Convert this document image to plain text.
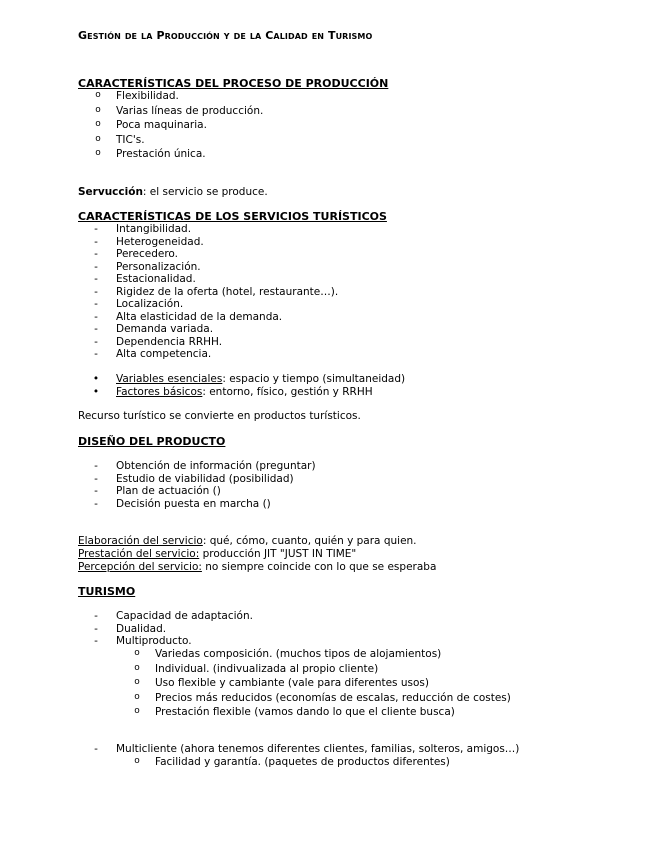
Gestión de la Producción y de la Calidad en Turismo
CARACTERÍSTICAS DEL PROCESO DE PRODUCCIÓN
o	Flexibilidad.
o	Varias líneas de producción.
o	Poca maquinaria.
o	TIC's.
o	Prestación única.
Servucción: el servicio se produce.
CARACTERÍSTICAS DE LOS SERVICIOS TURÍSTICOS
-	Intangibilidad.
-	Heterogeneidad.
-	Perecedero.
-	Personalización.
-	Estacionalidad.
-	Rigidez de la oferta (hotel, restaurante…).
-	Localización.
-	Alta elasticidad de la demanda.
-	Demanda variada.
-	Dependencia RRHH.
-	Alta competencia.
•	Variables esenciales: espacio y tiempo (simultaneidad)
•	Factores básicos: entorno, físico, gestión y RRHH
Recurso turístico se convierte en productos turísticos.
DISEÑO DEL PRODUCTO
-	Obtención de información (preguntar)
-	Estudio de viabilidad (posibilidad)
-	Plan de actuación ()
-	Decisión puesta en marcha ()
Elaboración del servicio: qué, cómo, cuanto, quién y para quien.
Prestación del servicio: producción JIT "JUST IN TIME"
Percepción del servicio: no siempre coincide con lo que se esperaba
TURISMO
-	Capacidad de adaptación.
-	Dualidad.
-	Multiproducto.
o	Variedas composición. (muchos tipos de alojamientos)
o	Individual. (indivualizada al propio cliente)
o	Uso flexible y cambiante (vale para diferentes usos)
o	Precios más reducidos (economías de escalas, reducción de costes)
o	Prestación flexible (vamos dando lo que el cliente busca)
-	Multicliente (ahora tenemos diferentes clientes, familias, solteros, amigos…)
o	Facilidad y garantía. (paquetes de productos diferentes)
